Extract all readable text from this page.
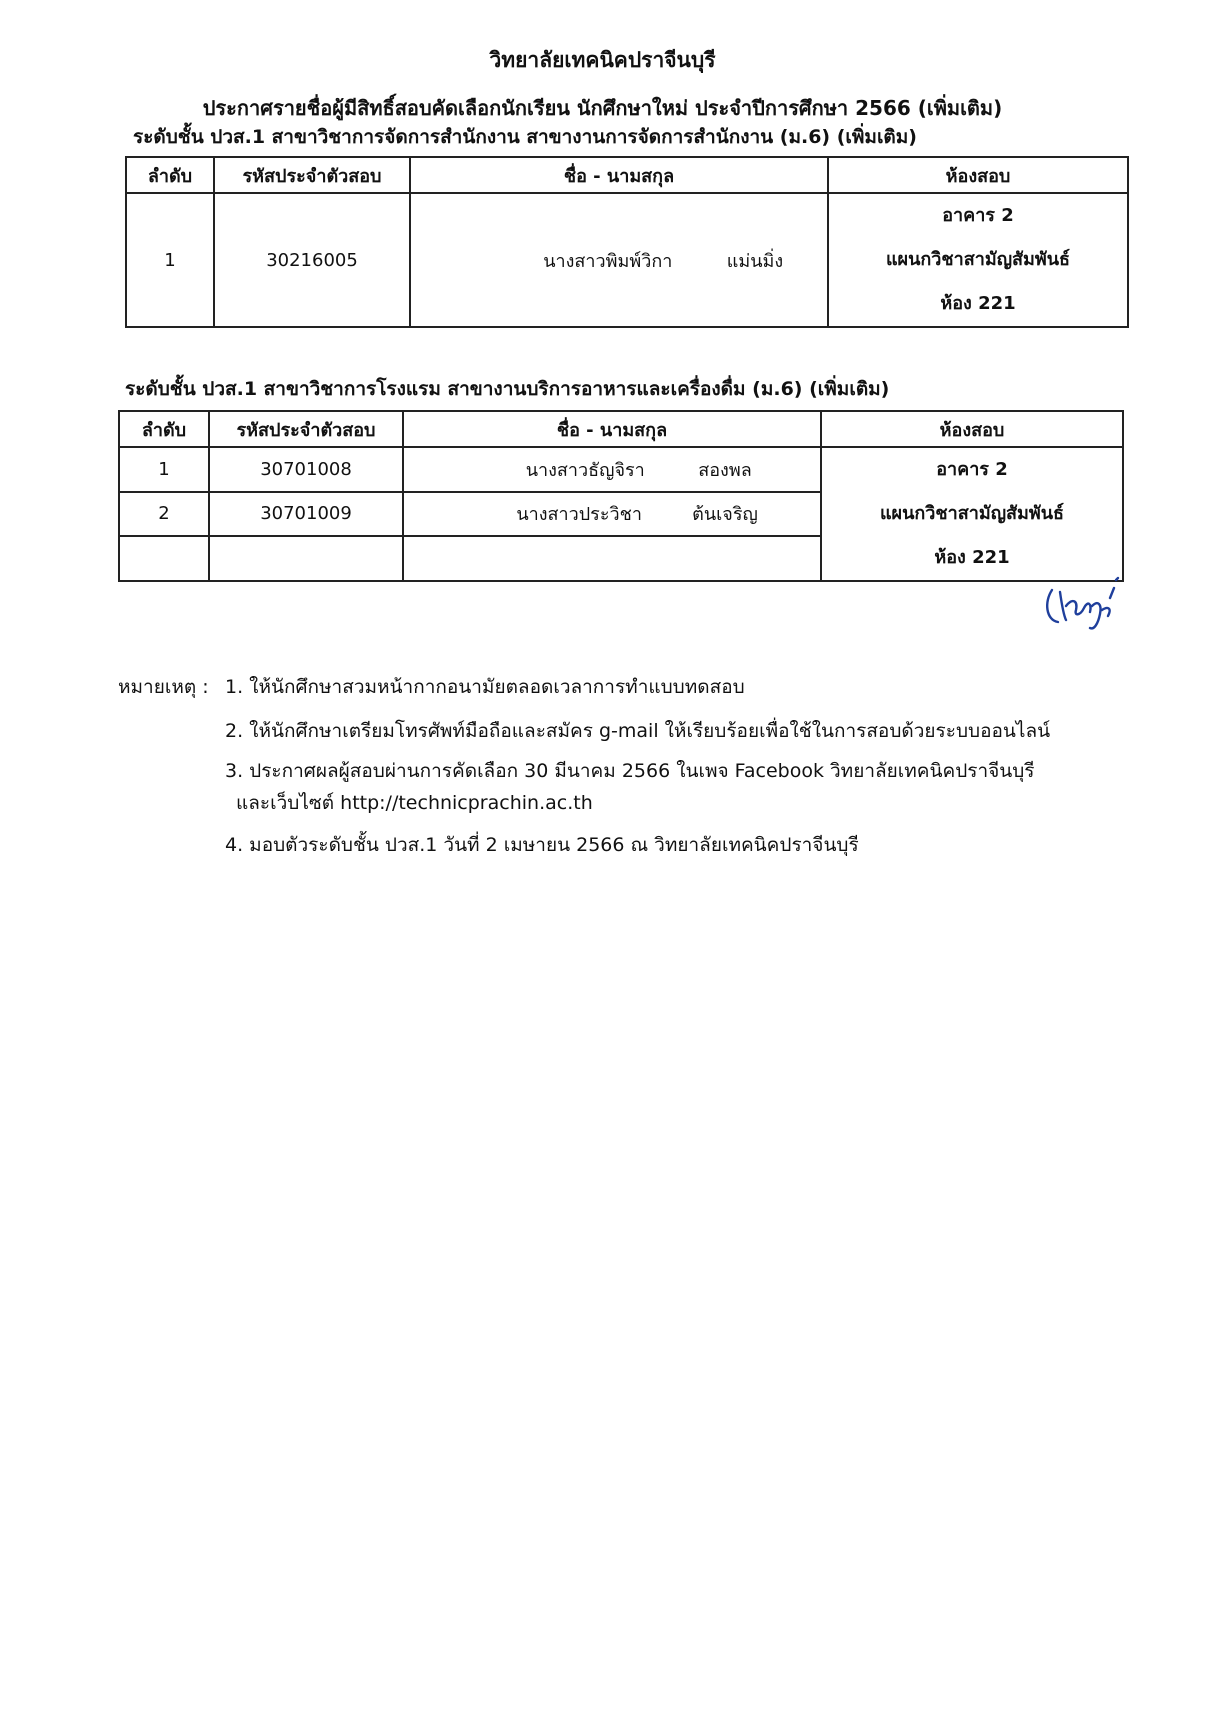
วิทยาลัยเทคนิคปราจีนบุรี
ประกาศรายชื่อผู้มีสิทธิ์สอบคัดเลือกนักเรียน นักศึกษาใหม่ ประจำปีการศึกษา 2566 (เพิ่มเติม)
ระดับชั้น ปวส.1 สาขาวิชาการจัดการสำนักงาน สาขางานการจัดการสำนักงาน (ม.6) (เพิ่มเติม)
ลำดับ	รหัสประจำตัวสอบ	ชื่อ - นามสกุล	ห้องสอบ
1	30216005	นางสาวพิมพ์วิกา แม่นมิ่ง	อาคาร 2
แผนกวิชาสามัญสัมพันธ์
ห้อง 221
ระดับชั้น ปวส.1 สาขาวิชาการโรงแรม สาขางานบริการอาหารและเครื่องดื่ม (ม.6) (เพิ่มเติม)
ลำดับ	รหัสประจำตัวสอบ	ชื่อ - นามสกุล	ห้องสอบ
1	30701008	นางสาวธัญจิรา สองพล	อาคาร 2
แผนกวิชาสามัญสัมพันธ์
ห้อง 221

2	30701009	นางสาวประวิชา ต้นเจริญ	

หมายเหตุ : 1. ให้นักศึกษาสวมหน้ากากอนามัยตลอดเวลาการทำแบบทดสอบ
2. ให้นักศึกษาเตรียมโทรศัพท์มือถือและสมัคร g-mail ให้เรียบร้อยเพื่อใช้ในการสอบด้วยระบบออนไลน์
3. ประกาศผลผู้สอบผ่านการคัดเลือก 30 มีนาคม 2566 ในเพจ Facebook วิทยาลัยเทคนิคปราจีนบุรี
และเว็บไซต์ http://technicprachin.ac.th
4. มอบตัวระดับชั้น ปวส.1 วันที่ 2 เมษายน 2566 ณ วิทยาลัยเทคนิคปราจีนบุรี
